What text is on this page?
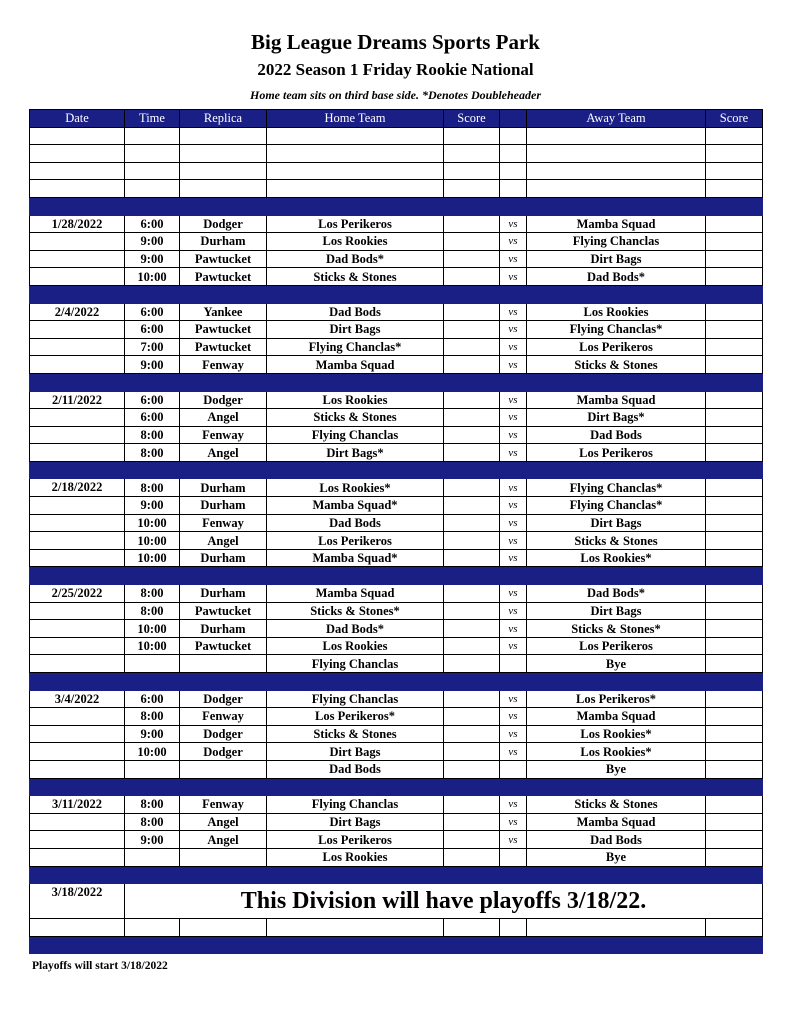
Big League Dreams Sports Park
2022 Season 1 Friday Rookie National
Home team sits on third base side. *Denotes Doubleheader
Date	Time	Replica	Home Team	Score		Away Team	Score

1/28/2022	6:00	Dodger	Los Perikeros		vs	Mamba Squad	
	9:00	Durham	Los Rookies		vs	Flying Chanclas	
	9:00	Pawtucket	Dad Bods*		vs	Dirt Bags	
	10:00	Pawtucket	Sticks & Stones		vs	Dad Bods*	

2/4/2022	6:00	Yankee	Dad Bods		vs	Los Rookies	
	6:00	Pawtucket	Dirt Bags		vs	Flying Chanclas*	
	7:00	Pawtucket	Flying Chanclas*		vs	Los Perikeros	
	9:00	Fenway	Mamba Squad		vs	Sticks & Stones	

2/11/2022	6:00	Dodger	Los Rookies		vs	Mamba Squad	
	6:00	Angel	Sticks & Stones		vs	Dirt Bags*	
	8:00	Fenway	Flying Chanclas		vs	Dad Bods	
	8:00	Angel	Dirt Bags*		vs	Los Perikeros	

2/18/2022	8:00	Durham	Los Rookies*		vs	Flying Chanclas*	
	9:00	Durham	Mamba Squad*		vs	Flying Chanclas*	
	10:00	Fenway	Dad Bods		vs	Dirt Bags	
	10:00	Angel	Los Perikeros		vs	Sticks & Stones	
	10:00	Durham	Mamba Squad*		vs	Los Rookies*	

2/25/2022	8:00	Durham	Mamba Squad		vs	Dad Bods*	
	8:00	Pawtucket	Sticks & Stones*		vs	Dirt Bags	
	10:00	Durham	Dad Bods*		vs	Sticks & Stones*	
	10:00	Pawtucket	Los Rookies		vs	Los Perikeros	
			Flying Chanclas			Bye	

3/4/2022	6:00	Dodger	Flying Chanclas		vs	Los Perikeros*	
	8:00	Fenway	Los Perikeros*		vs	Mamba Squad	
	9:00	Dodger	Sticks & Stones		vs	Los Rookies*	
	10:00	Dodger	Dirt Bags		vs	Los Rookies*	
			Dad Bods			Bye	

3/11/2022	8:00	Fenway	Flying Chanclas		vs	Sticks & Stones	
	8:00	Angel	Dirt Bags		vs	Mamba Squad	
	9:00	Angel	Los Perikeros		vs	Dad Bods	
			Los Rookies			Bye	

3/18/2022	This Division will have playoffs 3/18/22.						

Playoffs will start 3/18/2022
